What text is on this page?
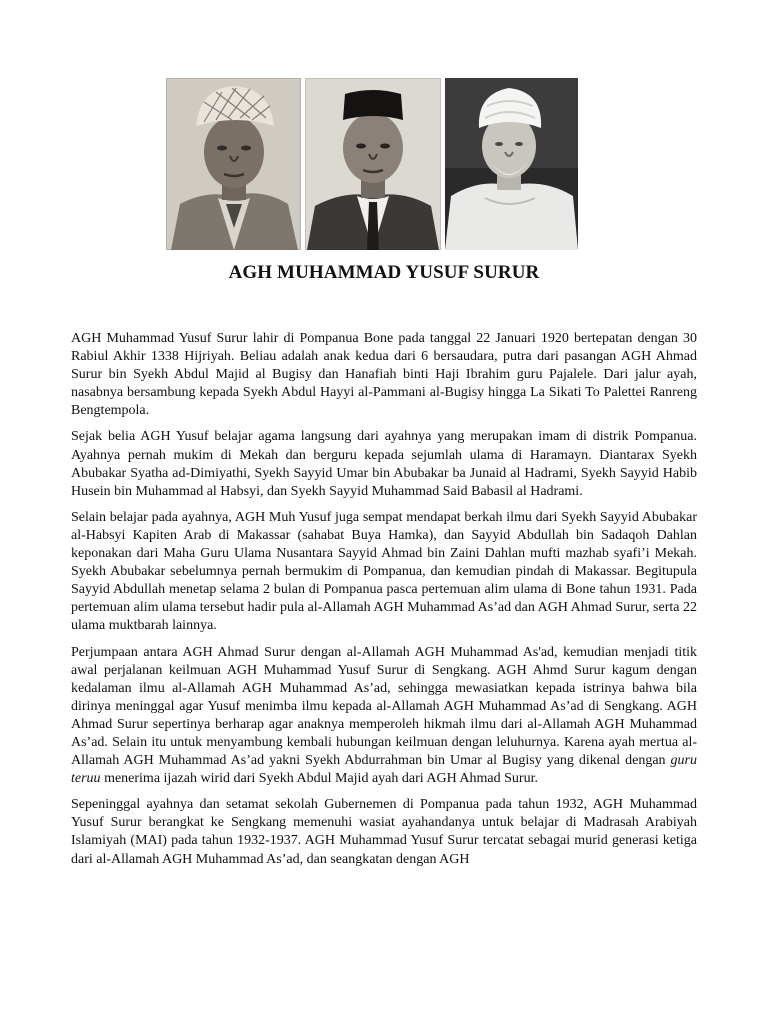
AGH MUHAMMAD YUSUF SURUR

AGH Muhammad Yusuf Surur lahir di Pompanua Bone pada tanggal 22 Januari 1920 bertepatan dengan 30 Rabiul Akhir 1338 Hijriyah. Beliau adalah anak kedua dari 6 bersaudara, putra dari pasangan AGH Ahmad Surur bin Syekh Abdul Majid al Bugisy dan Hanafiah binti Haji Ibrahim guru Pajalele. Dari jalur ayah, nasabnya bersambung kepada Syekh Abdul Hayyi al-Pammani al-Bugisy hingga La Sikati To Palettei Ranreng Bengtempola.

Sejak belia AGH Yusuf belajar agama langsung dari ayahnya yang merupakan imam di distrik Pompanua. Ayahnya pernah mukim di Mekah dan berguru kepada sejumlah ulama di Haramayn. Diantarax Syekh Abubakar Syatha ad-Dimiyathi, Syekh Sayyid Umar bin Abubakar ba Junaid al Hadrami, Syekh Sayyid Habib Husein bin Muhammad al Habsyi, dan Syekh Sayyid Muhammad Said Babasil al Hadrami.

Selain belajar pada ayahnya, AGH Muh Yusuf juga sempat mendapat berkah ilmu dari Syekh Sayyid Abubakar al-Habsyi Kapiten Arab di Makassar (sahabat Buya Hamka), dan Sayyid Abdullah bin Sadaqoh Dahlan keponakan dari Maha Guru Ulama Nusantara Sayyid Ahmad bin Zaini Dahlan mufti mazhab syafi’i Mekah. Syekh Abubakar sebelumnya pernah bermukim di Pompanua, dan kemudian pindah di Makassar. Begitupula Sayyid Abdullah menetap selama 2 bulan di Pompanua pasca pertemuan alim ulama di Bone tahun 1931. Pada pertemuan alim ulama tersebut hadir pula al-Allamah AGH Muhammad As’ad dan AGH Ahmad Surur, serta 22 ulama muktbarah lainnya.

Perjumpaan antara AGH Ahmad Surur dengan al-Allamah AGH Muhammad As'ad, kemudian menjadi titik awal perjalanan keilmuan AGH Muhammad Yusuf Surur di Sengkang. AGH Ahmd Surur kagum dengan kedalaman ilmu al-Allamah AGH Muhammad As’ad, sehingga mewasiatkan kepada istrinya bahwa bila dirinya meninggal agar Yusuf menimba ilmu kepada al-Allamah AGH Muhammad As’ad di Sengkang. AGH Ahmad Surur sepertinya berharap agar anaknya memperoleh hikmah ilmu dari al-Allamah AGH Muhammad As’ad. Selain itu untuk menyambung kembali hubungan keilmuan dengan leluhurnya. Karena ayah mertua al-Allamah AGH Muhammad As’ad yakni Syekh Abdurrahman bin Umar al Bugisy yang dikenal dengan guru teruu menerima ijazah wirid dari Syekh Abdul Majid ayah dari AGH Ahmad Surur.

Sepeninggal ayahnya dan setamat sekolah Gubernemen di Pompanua pada tahun 1932, AGH Muhammad Yusuf Surur berangkat ke Sengkang memenuhi wasiat ayahandanya untuk belajar di Madrasah Arabiyah Islamiyah (MAI) pada tahun 1932-1937. AGH Muhammad Yusuf Surur tercatat sebagai murid generasi ketiga dari al-Allamah AGH Muhammad As’ad, dan seangkatan dengan AGH
